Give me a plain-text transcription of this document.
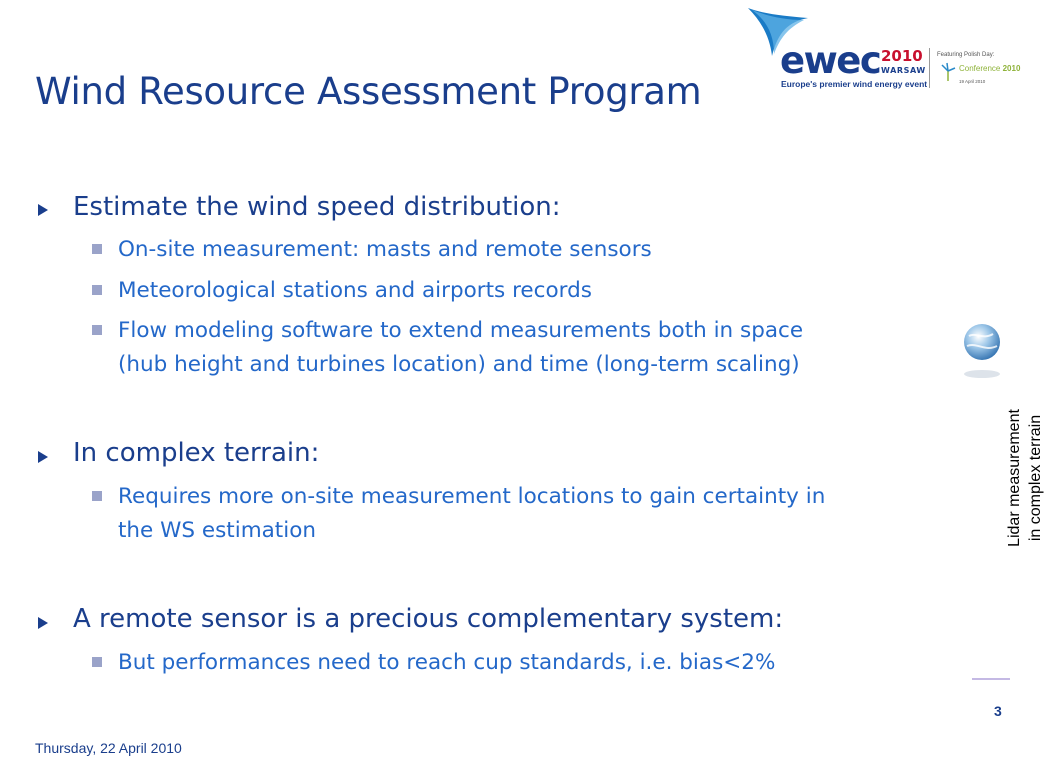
Wind Resource Assessment Program
ewec 2010
WARSAW
Europe's premier wind energy event
Featuring Polish Day:
Conference 2010
19 April 2010
Estimate the wind speed distribution:
On-site measurement: masts and remote sensors
Meteorological stations and airports records
Flow modeling software to extend measurements both in space
(hub height and turbines location) and time (long-term scaling)
In complex terrain:
Requires more on-site measurement locations to gain certainty in
the WS estimation
A remote sensor is a precious complementary system:
But performances need to reach cup standards, i.e. bias<2%
Lidar measurement in complex terrain
3
Thursday, 22 April 2010
